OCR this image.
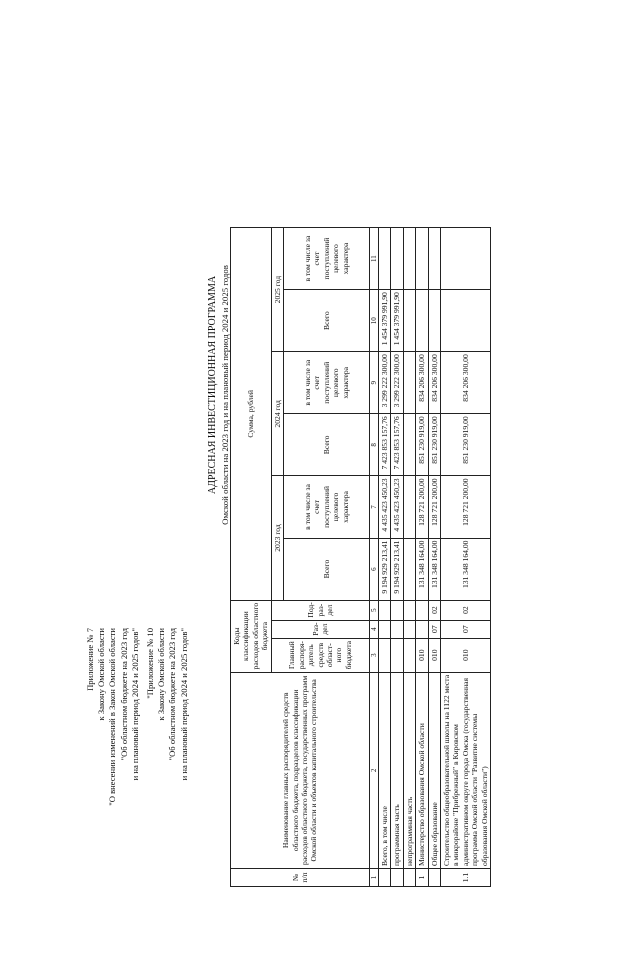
Приложение № 7 к Закону Омской области "О внесении изменений в Закон Омской области "Об областном бюджете на 2023 год и на плановый период 2024 и 2025 годов" "Приложение № 10 к Закону Омской области "Об областном бюджете на 2023 год и на плановый период 2024 и 2025 годов"
АДРЕСНАЯ ИНВЕСТИЦИОННАЯ ПРОГРАММА Омской области на 2023 год и на плановый период 2024 и 2025 годов
№ п/п	Наименование главных распорядителей средств областного бюджета, подразделов классификации расходов областного бюджета, государственных программ Омской области и объектов капитального строительства	Коды классификации расходов областного бюджета			Сумма, рублей					
		Главный распоря-дитель средств област-ного бюджета	Раз-дел	Под-раз-дел	2023 год		2024 год		2025 год	
					Всего	в том числе за счет поступлений целевого характера	Всего	в том числе за счет поступлений целевого характера	Всего	в том числе за счет поступлений целевого характера
1	2	3	4	5	6	7	8	9	10	11
	Всего, в том числе				9 194 929 213,41	4 435 423 450,23	7 423 853 157,76	3 299 222 300,00	1 454 379 991,90	
	программная часть				9 194 929 213,41	4 435 423 450,23	7 423 853 157,76	3 299 222 300,00	1 454 379 991,90	
	непрограммная часть									
1	Министерство образования Омской области	010			131 348 164,00	128 721 200,00	851 230 919,00	834 206 300,00		
	Общее образование	010	07	02	131 348 164,00	128 721 200,00	851 230 919,00	834 206 300,00		
1.1	Строительство общеобразовательной школы на 1122 места в микрорайоне "Прибрежный" в Кировском административном округе города Омска (государственная программа Омской области "Развитие системы образования Омской области")	010	07	02	131 348 164,00	128 721 200,00	851 230 919,00	834 206 300,00		
